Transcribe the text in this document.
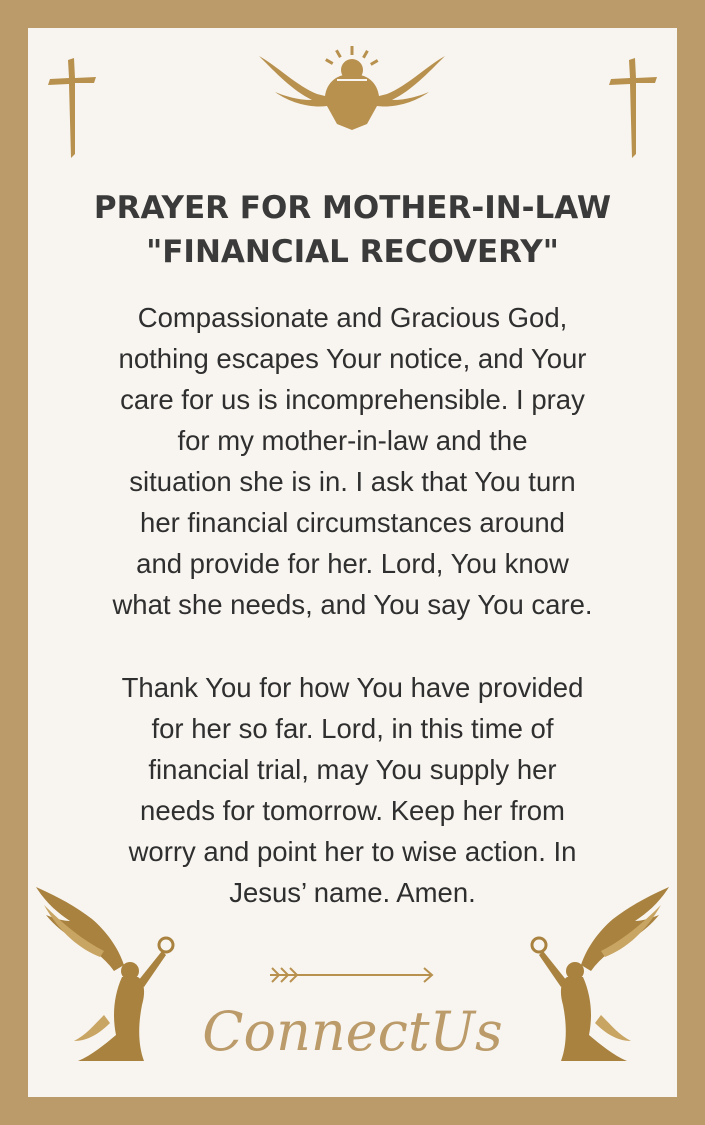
PRAYER FOR MOTHER-IN-LAW
"FINANCIAL RECOVERY"
Compassionate and Gracious God,
nothing escapes Your notice, and Your
care for us is incomprehensible. I pray
for my mother-in-law and the
situation she is in. I ask that You turn
her financial circumstances around
and provide for her. Lord, You know
what she needs, and You say You care.
Thank You for how You have provided
for her so far. Lord, in this time of
financial trial, may You supply her
needs for tomorrow. Keep her from
worry and point her to wise action. In
Jesus’ name. Amen.
ConnectUs
